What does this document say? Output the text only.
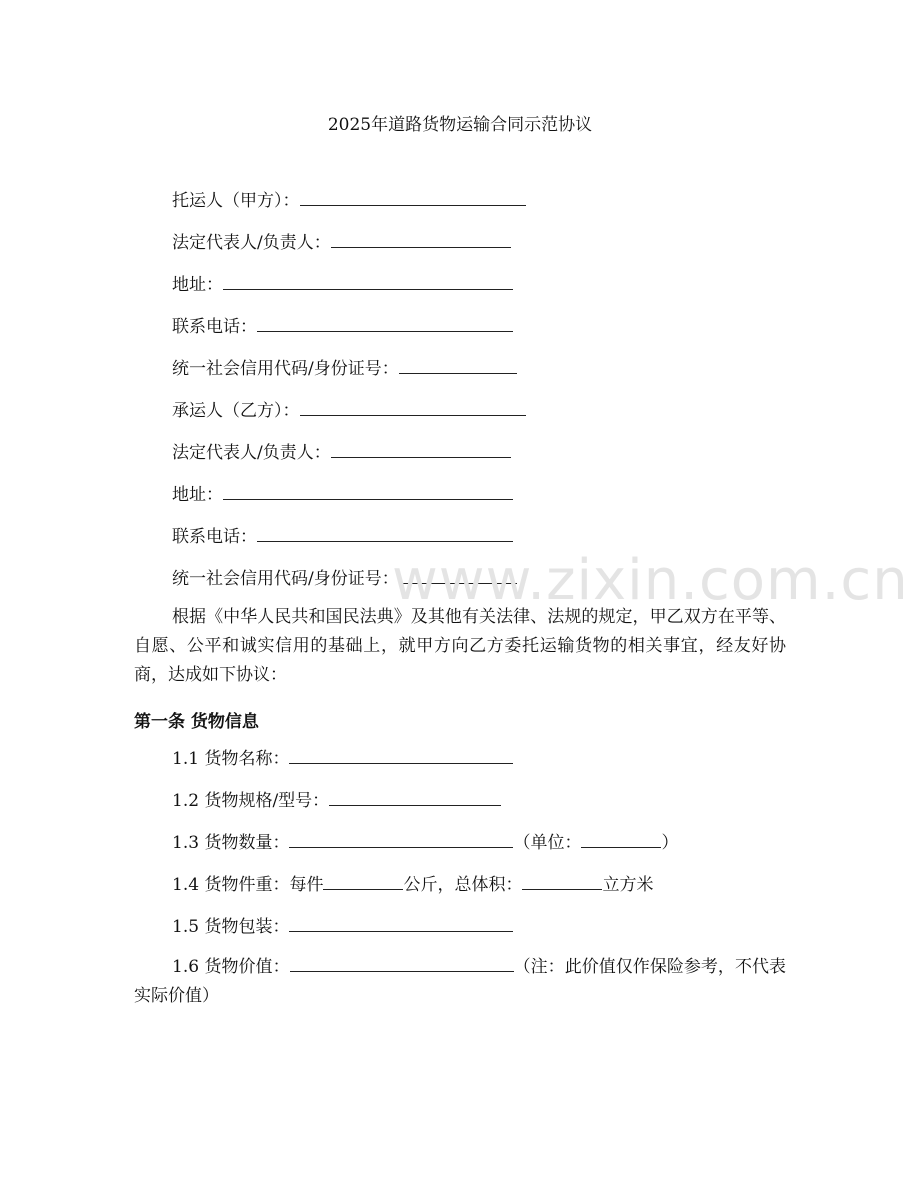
2025年道路货物运输合同示范协议
托运人（甲方）：
法定代表人/负责人：
地址：
联系电话：
统一社会信用代码/身份证号：
承运人（乙方）：
法定代表人/负责人：
地址：
联系电话：
统一社会信用代码/身份证号：
www.zixin.com.cn
根据《中华人民共和国民法典》及其他有关法律、法规的规定，甲乙双方在平等、自愿、公平和诚实信用的基础上，就甲方向乙方委托运输货物的相关事宜，经友好协商，达成如下协议：
第一条 货物信息
1.1 货物名称：
1.2 货物规格/型号：
1.3 货物数量：	（单位：	）
1.4 货物件重：每件	公斤，总体积：	立方米
1.5 货物包装：
1.6 货物价值：	（注：此价值仅作保险参考，不代表实际价值）
